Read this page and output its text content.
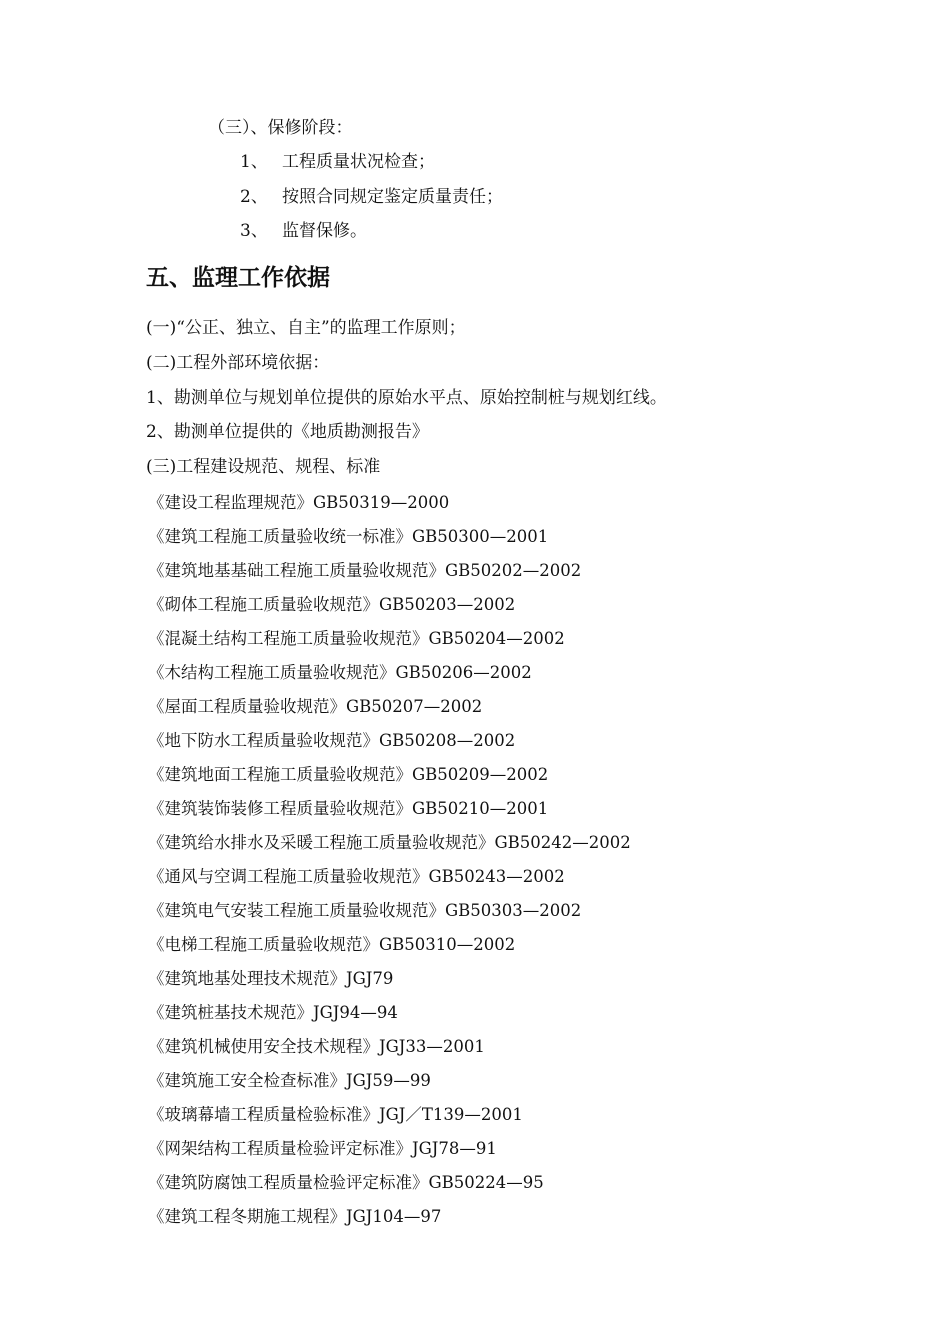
（三）、保修阶段：
1、 工程质量状况检查；
2、 按照合同规定鉴定质量责任；
3、 监督保修。
五、监理工作依据
(一)“公正、独立、自主”的监理工作原则；
(二)工程外部环境依据：
1、勘测单位与规划单位提供的原始水平点、原始控制桩与规划红线。
2、勘测单位提供的《地质勘测报告》
(三)工程建设规范、规程、标准
《建设工程监理规范》GB50319—2000
《建筑工程施工质量验收统一标准》GB50300—2001
《建筑地基基础工程施工质量验收规范》GB50202—2002
《砌体工程施工质量验收规范》GB50203—2002
《混凝土结构工程施工质量验收规范》GB50204—2002
《木结构工程施工质量验收规范》GB50206—2002
《屋面工程质量验收规范》GB50207—2002
《地下防水工程质量验收规范》GB50208—2002
《建筑地面工程施工质量验收规范》GB50209—2002
《建筑装饰装修工程质量验收规范》GB50210—2001
《建筑给水排水及采暖工程施工质量验收规范》GB50242—2002
《通风与空调工程施工质量验收规范》GB50243—2002
《建筑电气安装工程施工质量验收规范》GB50303—2002
《电梯工程施工质量验收规范》GB50310—2002
《建筑地基处理技术规范》JGJ79
《建筑桩基技术规范》JGJ94—94
《建筑机械使用安全技术规程》JGJ33—2001
《建筑施工安全检查标准》JGJ59—99
《玻璃幕墙工程质量检验标准》JGJ／T139—2001
《网架结构工程质量检验评定标准》JGJ78—91
《建筑防腐蚀工程质量检验评定标准》GB50224—95
《建筑工程冬期施工规程》JGJ104—97
